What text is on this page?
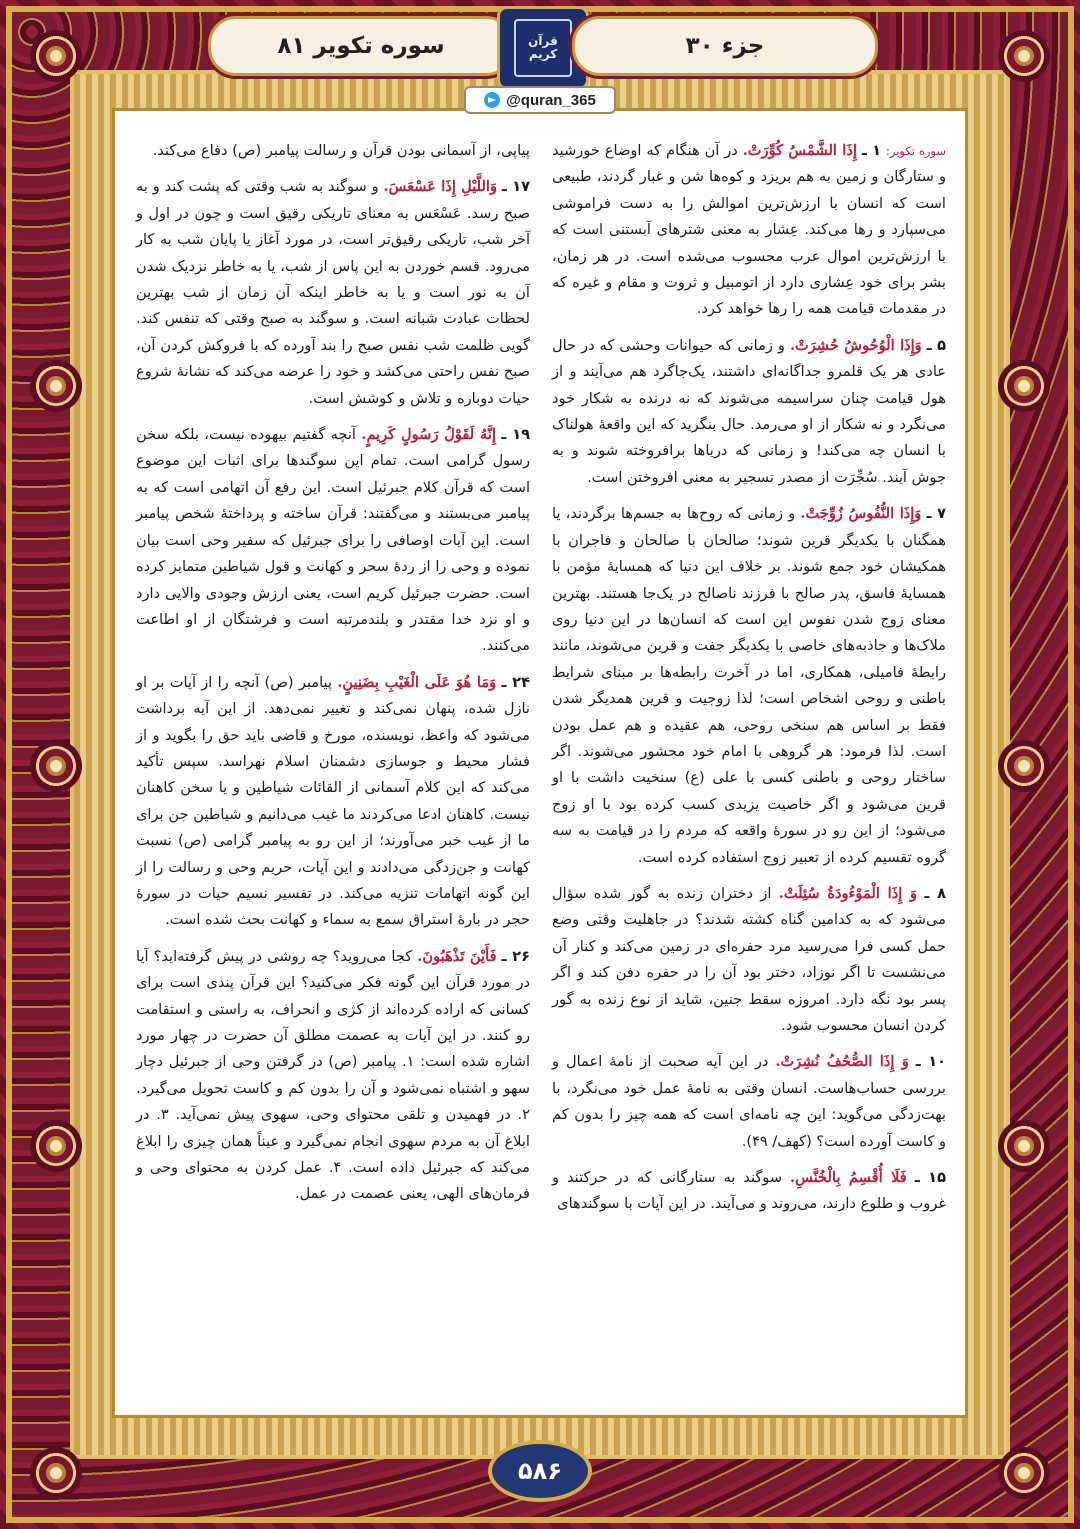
سوره تکویر ۸۱	قرآن کریم	جزء ۳۰
@quran_365

سوره تکویر: ۱ ـ إِذَا الشَّمْسُ كُوِّرَتْ. در آن هنگام که اوضاع خورشید و ستارگان و زمین به هم بریزد و کوه‌ها شن و غبار گردند، طبیعی است که انسان با ارزش‌ترین اموالش را به دست فراموشی می‌سپارد و رها می‌کند. عِشار به معنی شترهای آبستنی است که با ارزش‌ترین اموال عرب محسوب می‌شده است. در هر زمان، بشر برای خود عِشاری دارد از اتومبیل و ثروت و مقام و غیره که در مقدمات قیامت همه را رها خواهد کرد.

۵ ـ وَإِذَا الْوُحُوشُ حُشِرَتْ. و زمانی که حیوانات وحشی که در حال عادی هر یک قلمرو جداگانه‌ای داشتند، یک‌جاگرد هم می‌آیند و از هول قیامت چنان سراسیمه می‌شوند که نه درنده به شکار خود می‌نگرد و نه شکار از او می‌رمد. حال بنگرید که این واقعهٔ هولناک با انسان چه می‌کند! و زمانی که دریاها برافروخته شوند و به جوش آیند. سُجِّرَت از مصدر تسجیر به معنی افروختن است.

۷ ـ وَإِذَا النُّفُوسُ زُوِّجَتْ. و زمانی که روح‌ها به جسم‌ها برگردند، یا همگنان با یکدیگر قرین شوند؛ صالحان با صالحان و فاجران با همکیشان خود جمع شوند. بر خلاف این دنیا که همسایهٔ مؤمن با همسایهٔ فاسق، پدر صالح با فرزند ناصالح در یک‌جا هستند. بهترین معنای زوج شدن نفوس این است که انسان‌ها در این دنیا روی ملاک‌ها و جاذبه‌های خاصی با یکدیگر جفت و قرین می‌شوند، مانند رابطهٔ فامیلی، همکاری، اما در آخرت رابطه‌ها بر مبنای شرایط باطنی و روحی اشخاص است؛ لذا زوجیت و قرین همدیگر شدن فقط بر اساس هم سنخی روحی، هم عقیده و هم عمل بودن است. لذا فرمود: هر گروهی با امام خود محشور می‌شوند. اگر ساختار روحی و باطنی کسی با علی (ع) سنخیت داشت با او قرین می‌شود و اگر خاصیت یزیدی کسب کرده بود با او زوج می‌شود؛ از این رو در سورهٔ واقعه که مردم را در قیامت به سه گروه تقسیم کرده از تعبیر زوج استفاده کرده است.

۸ ـ وَ إِذَا الْمَوْءُودَةُ سُئِلَتْ. از دختران زنده به گور شده سؤال می‌شود که به کدامین گناه کشته شدند؟ در جاهلیت وقتی وضع حمل کسی فرا می‌رسید مرد حفره‌ای در زمین می‌کند و کنار آن می‌نشست تا اگر نوزاد، دختر بود آن را در حفره دفن کند و اگر پسر بود نگه دارد. امروزه سقط جنین، شاید از نوع زنده به گور کردن انسان محسوب شود.

۱۰ ـ وَ إِذَا الصُّحُفُ نُشِرَتْ. در این آیه صحبت از نامهٔ اعمال و بررسی حساب‌هاست. انسان وقتی به نامهٔ عمل خود می‌نگرد، با بهت‌زدگی می‌گوید: این چه نامه‌ای است که همه چیز را بدون کم و کاست آورده است؟ (کهف/ ۴۹).

۱۵ ـ فَلَا أُقْسِمُ بِالْخُنَّسِ. سوگند به ستارگانی که در حرکتند و غروب و طلوع دارند، می‌روند و می‌آیند. در این آیات با سوگندهای

پیاپی، از آسمانی بودن قرآن و رسالت پیامبر (ص) دفاع می‌کند.

۱۷ ـ وَاللَّيْلِ إِذَا عَسْعَسَ. و سوگند به شب وقتی که پشت کند و به صبح رسد. عَسْعَس به معنای تاریکی رقیق است و چون در اول و آخر شب، تاریکی رقیق‌تر است، در مورد آغاز یا پایان شب به کار می‌رود. قسم خوردن به این پاس از شب، یا به خاطر نزدیک شدن آن به نور است و یا به خاطر اینکه آن زمان از شب بهترین لحظات عبادت شبانه است. و سوگند به صبح وقتی که تنفس کند. گویی ظلمت شب نفس صبح را بند آورده که با فروکش کردن آن، صبح نفس راحتی می‌کشد و خود را عرضه می‌کند که نشانهٔ شروع حیات دوباره و تلاش و کوشش است.

۱۹ ـ إِنَّهُ لَقَوْلُ رَسُولٍ كَرِيمٍ. آنچه گفتیم بیهوده نیست، بلکه سخن رسول گرامی است. تمام این سوگندها برای اثبات این موضوع است که قرآن کلام جبرئیل است. این رفع آن اتهامی است که به پیامبر می‌بستند و می‌گفتند: قرآن ساخته و پرداختهٔ شخص پیامبر است. این آیات اوصافی را برای جبرئیل که سفیر وحی است بیان نموده و وحی را از ردهٔ سحر و کهانت و قول شیاطین متمایز کرده است. حضرت جبرئیل کریم است، یعنی ارزش وجودی والایی دارد و او نزد خدا مقتدر و بلندمرتبه است و فرشتگان از او اطاعت می‌کنند.

۲۴ ـ وَمَا هُوَ عَلَى الْغَيْبِ بِضَنِينٍ. پیامبر (ص) آنچه را از آیات بر او نازل شده، پنهان نمی‌کند و تغییر نمی‌دهد. از این آیه برداشت می‌شود که واعظ، نویسنده، مورخ و قاضی باید حق را بگوید و از فشار محیط و جوسازی دشمنان اسلام نهراسد. سپس تأکید می‌کند که این کلام آسمانی از القائات شیاطین و یا سخن کاهنان نیست. کاهنان ادعا می‌کردند ما غیب می‌دانیم و شیاطین جن برای ما از غیب خبر می‌آورند؛ از این رو به پیامبر گرامی (ص) نسبت کهانت و جن‌زدگی می‌دادند و این آیات، حریم وحی و رسالت را از این گونه اتهامات تنزیه می‌کند. در تفسیر نسیم حیات در سورهٔ حجر در بارهٔ استراق سمع به سماء و کهانت بحث شده است.

۲۶ ـ فَأَيْنَ تَذْهَبُونَ. کجا می‌روید؟ چه روشی در پیش گرفته‌اید؟ آیا در مورد قرآن این گونه فکر می‌کنید؟ این قرآن پندی است برای کسانی که اراده کرده‌اند از کژی و انحراف، به راستی و استقامت رو کنند. در این آیات به عصمت مطلق آن حضرت در چهار مورد اشاره شده است: ۱. پیامبر (ص) در گرفتن وحی از جبرئیل دچار سهو و اشتباه نمی‌شود و آن را بدون کم و کاست تحویل می‌گیرد. ۲. در فهمیدن و تلقی محتوای وحی، سهوی پیش نمی‌آید. ۳. در ابلاغ آن به مردم سهوی انجام نمی‌گیرد و عیناً همان چیزی را ابلاغ می‌کند که جبرئیل داده است. ۴. عمل کردن به محتوای وحی و فرمان‌های الهی، یعنی عصمت در عمل.

۵۸۶
